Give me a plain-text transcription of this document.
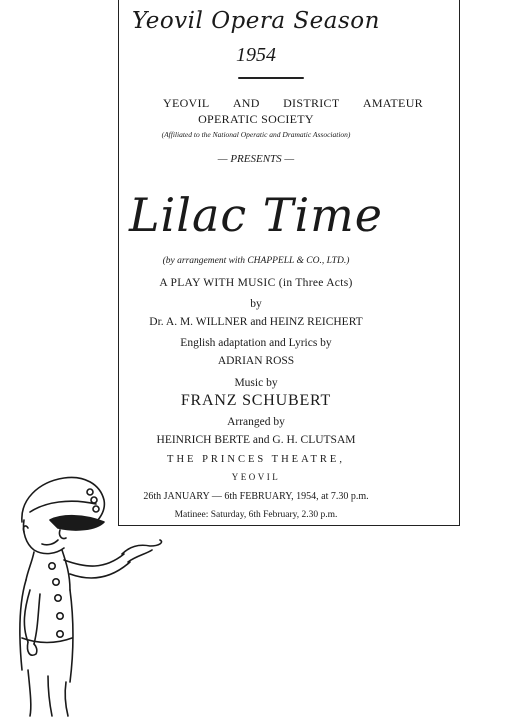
Yeovil Opera Season
1954
YEOVIL AND DISTRICT AMATEUR
OPERATIC SOCIETY
(Affiliated to the National Operatic and Dramatic Association)
— PRESENTS —
Lilac Time
(by arrangement with CHAPPELL & CO., LTD.)
A PLAY WITH MUSIC (in Three Acts)
by
Dr. A. M. WILLNER and HEINZ REICHERT
English adaptation and Lyrics by
ADRIAN ROSS
Music by
FRANZ SCHUBERT
Arranged by
HEINRICH BERTE and G. H. CLUTSAM
THE PRINCES THEATRE,
YEOVIL
26th JANUARY — 6th FEBRUARY, 1954, at 7.30 p.m.
Matinee: Saturday, 6th February, 2.30 p.m.
